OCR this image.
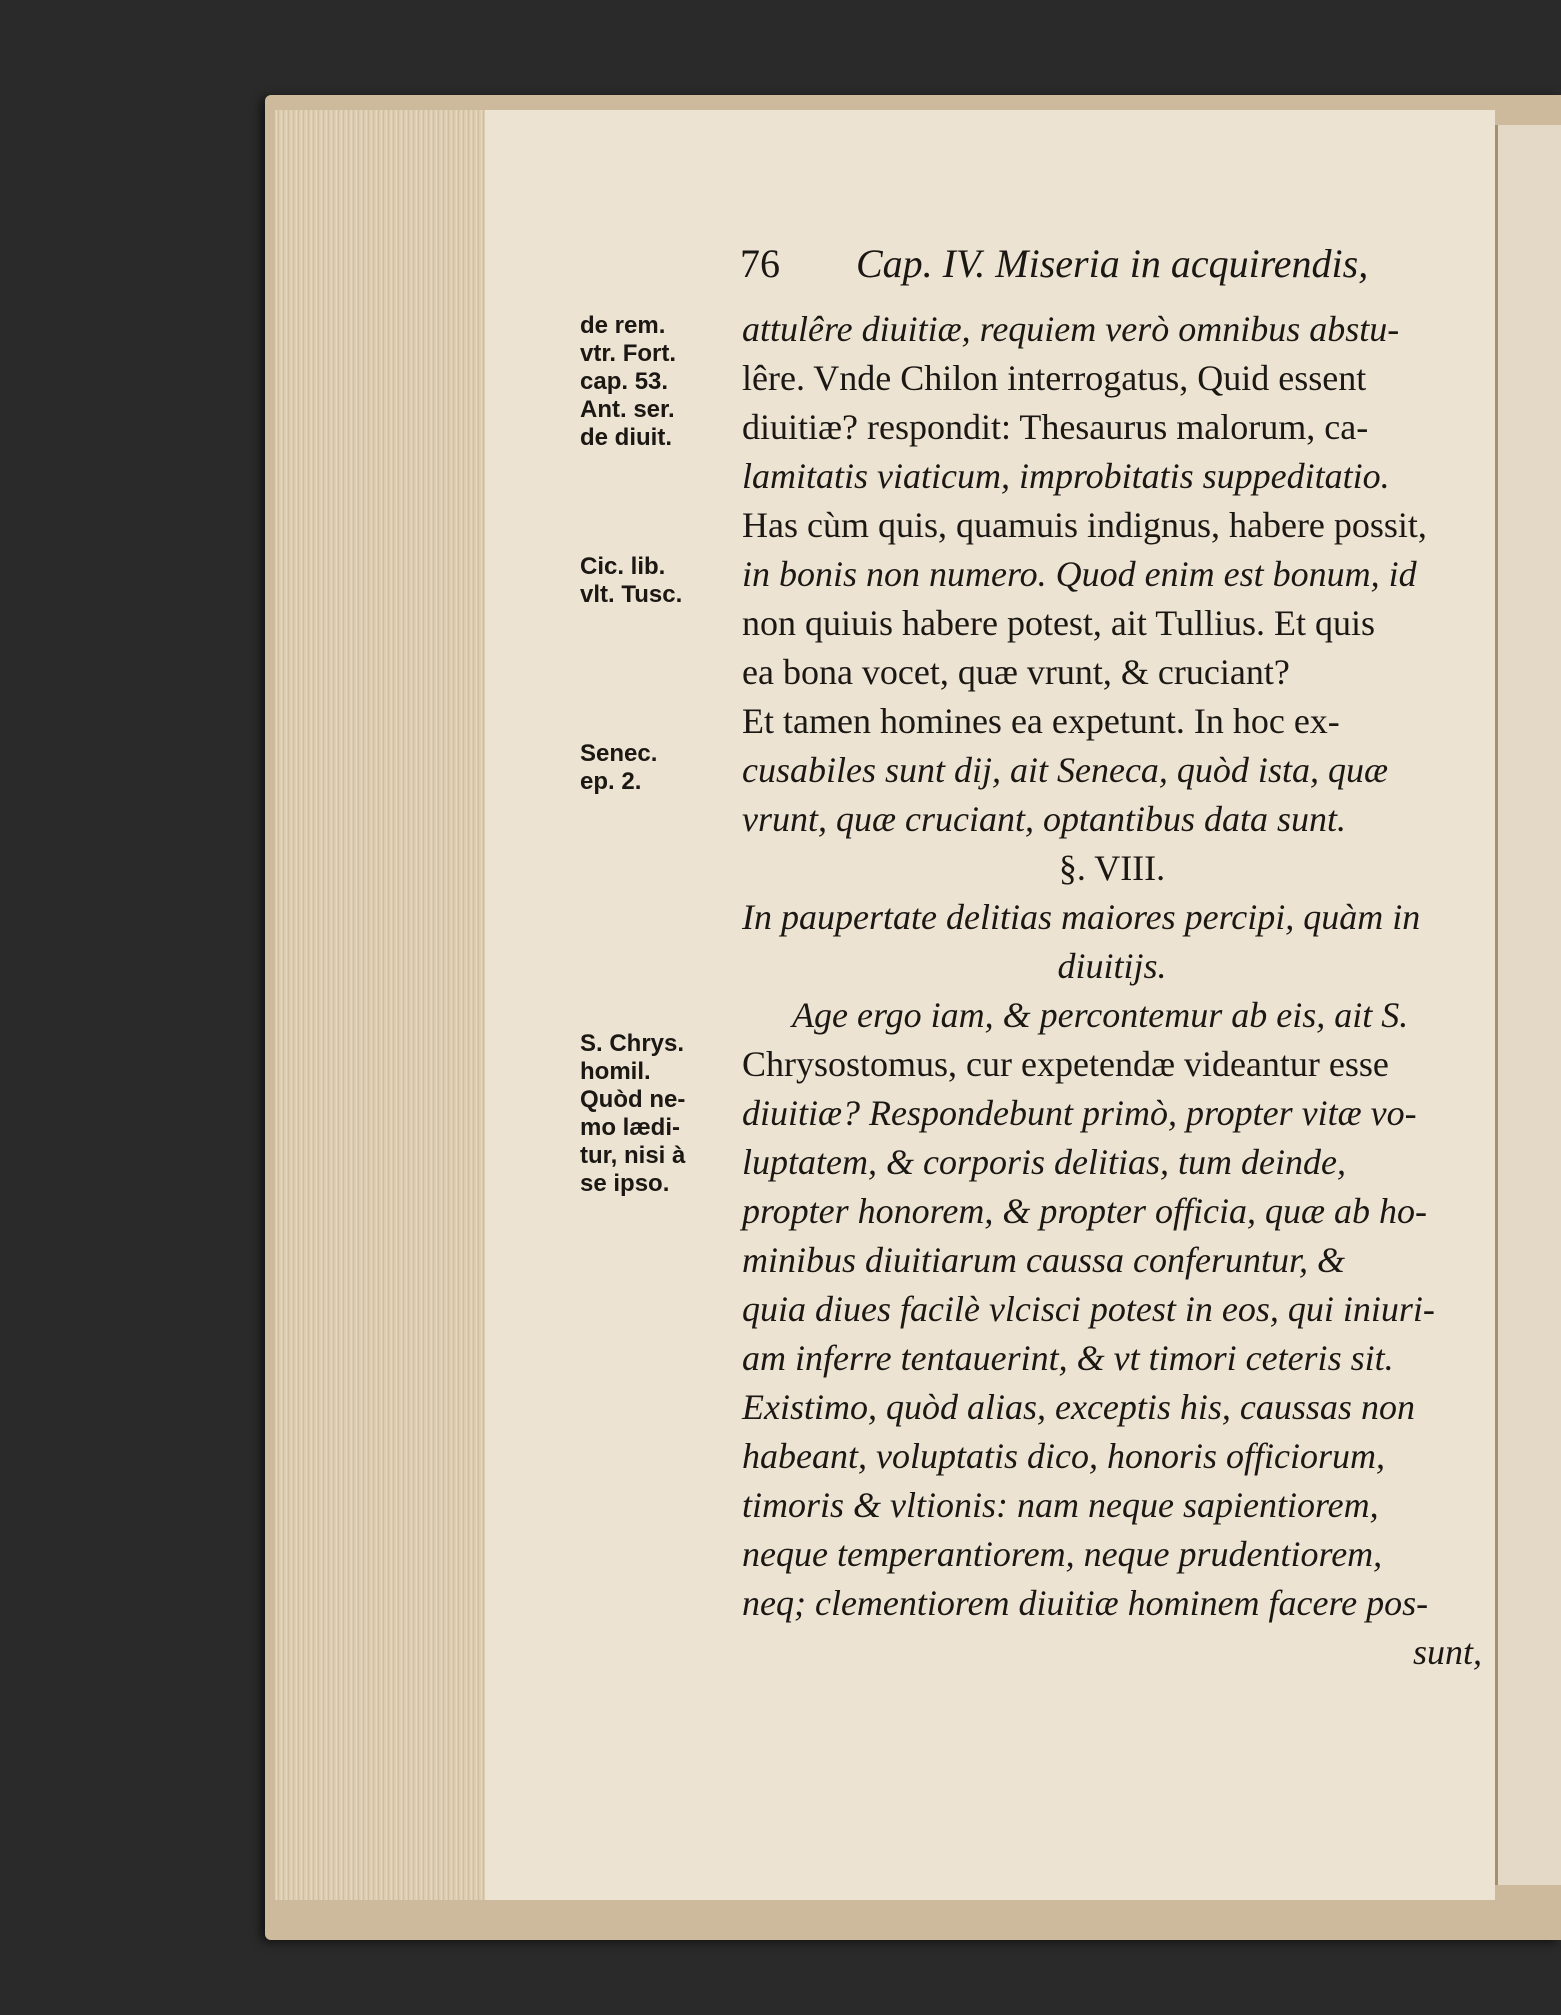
76 Cap. IV. Miseria in acquirendis,
de rem.
vtr. Fort.
cap. 53.
Ant. ser.
de diuit.
Cic. lib.
vlt. Tusc.
Senec.
ep. 2.
S. Chrys.
homil.
Quòd ne-
mo lædi-
tur, nisi à
se ipso.
attulêre diuitiæ, requiem verò omnibus abstu-
lêre. Vnde Chilon interrogatus, Quid essent
diuitiæ? respondit: Thesaurus malorum, ca-
lamitatis viaticum, improbitatis suppeditatio.
Has cùm quis, quamuis indignus, habere possit,
in bonis non numero. Quod enim est bonum, id
non quiuis habere potest, ait Tullius. Et quis
ea bona vocet, quæ vrunt, & cruciant?
Et tamen homines ea expetunt. In hoc ex-
cusabiles sunt dij, ait Seneca, quòd ista, quæ
vrunt, quæ cruciant, optantibus data sunt.
§. VIII.
In paupertate delitias maiores percipi, quàm in
diuitijs.
Age ergo iam, & percontemur ab eis, ait S.
Chrysostomus, cur expetendæ videantur esse
diuitiæ? Respondebunt primò, propter vitæ vo-
luptatem, & corporis delitias, tum deinde,
propter honorem, & propter officia, quæ ab ho-
minibus diuitiarum caussa conferuntur, &
quia diues facilè vlcisci potest in eos, qui iniuri-
am inferre tentauerint, & vt timori ceteris sit.
Existimo, quòd alias, exceptis his, caussas non
habeant, voluptatis dico, honoris officiorum,
timoris & vltionis: nam neque sapientiorem,
neque temperantiorem, neque prudentiorem,
neq; clementiorem diuitiæ hominem facere pos-
sunt,
